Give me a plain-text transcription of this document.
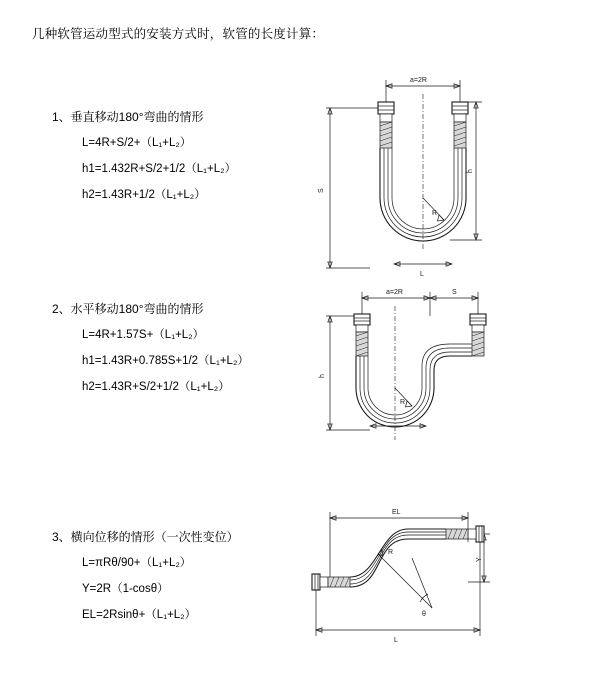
几种软管运动型式的安装方式时，软管的长度计算：
1、垂直移动180°弯曲的情形
L=4R+S/2+（L₁+L₂）
h1=1.432R+S/2+1/2（L₁+L₂）
h2=1.43R+1/2（L₁+L₂）
a=2R
S
h
R
L
2、水平移动180°弯曲的情形
L=4R+1.57S+（L₁+L₂）
h1=1.43R+0.785S+1/2（L₁+L₂）
h2=1.43R+S/2+1/2（L₁+L₂）
a=2R	S
h
R
3、横向位移的情形（一次性变位）
L=πRθ/90+（L₁+L₂）
Y=2R（1-cosθ）
EL=2Rsinθ+（L₁+L₂）
EL
Y
R
θ
L
